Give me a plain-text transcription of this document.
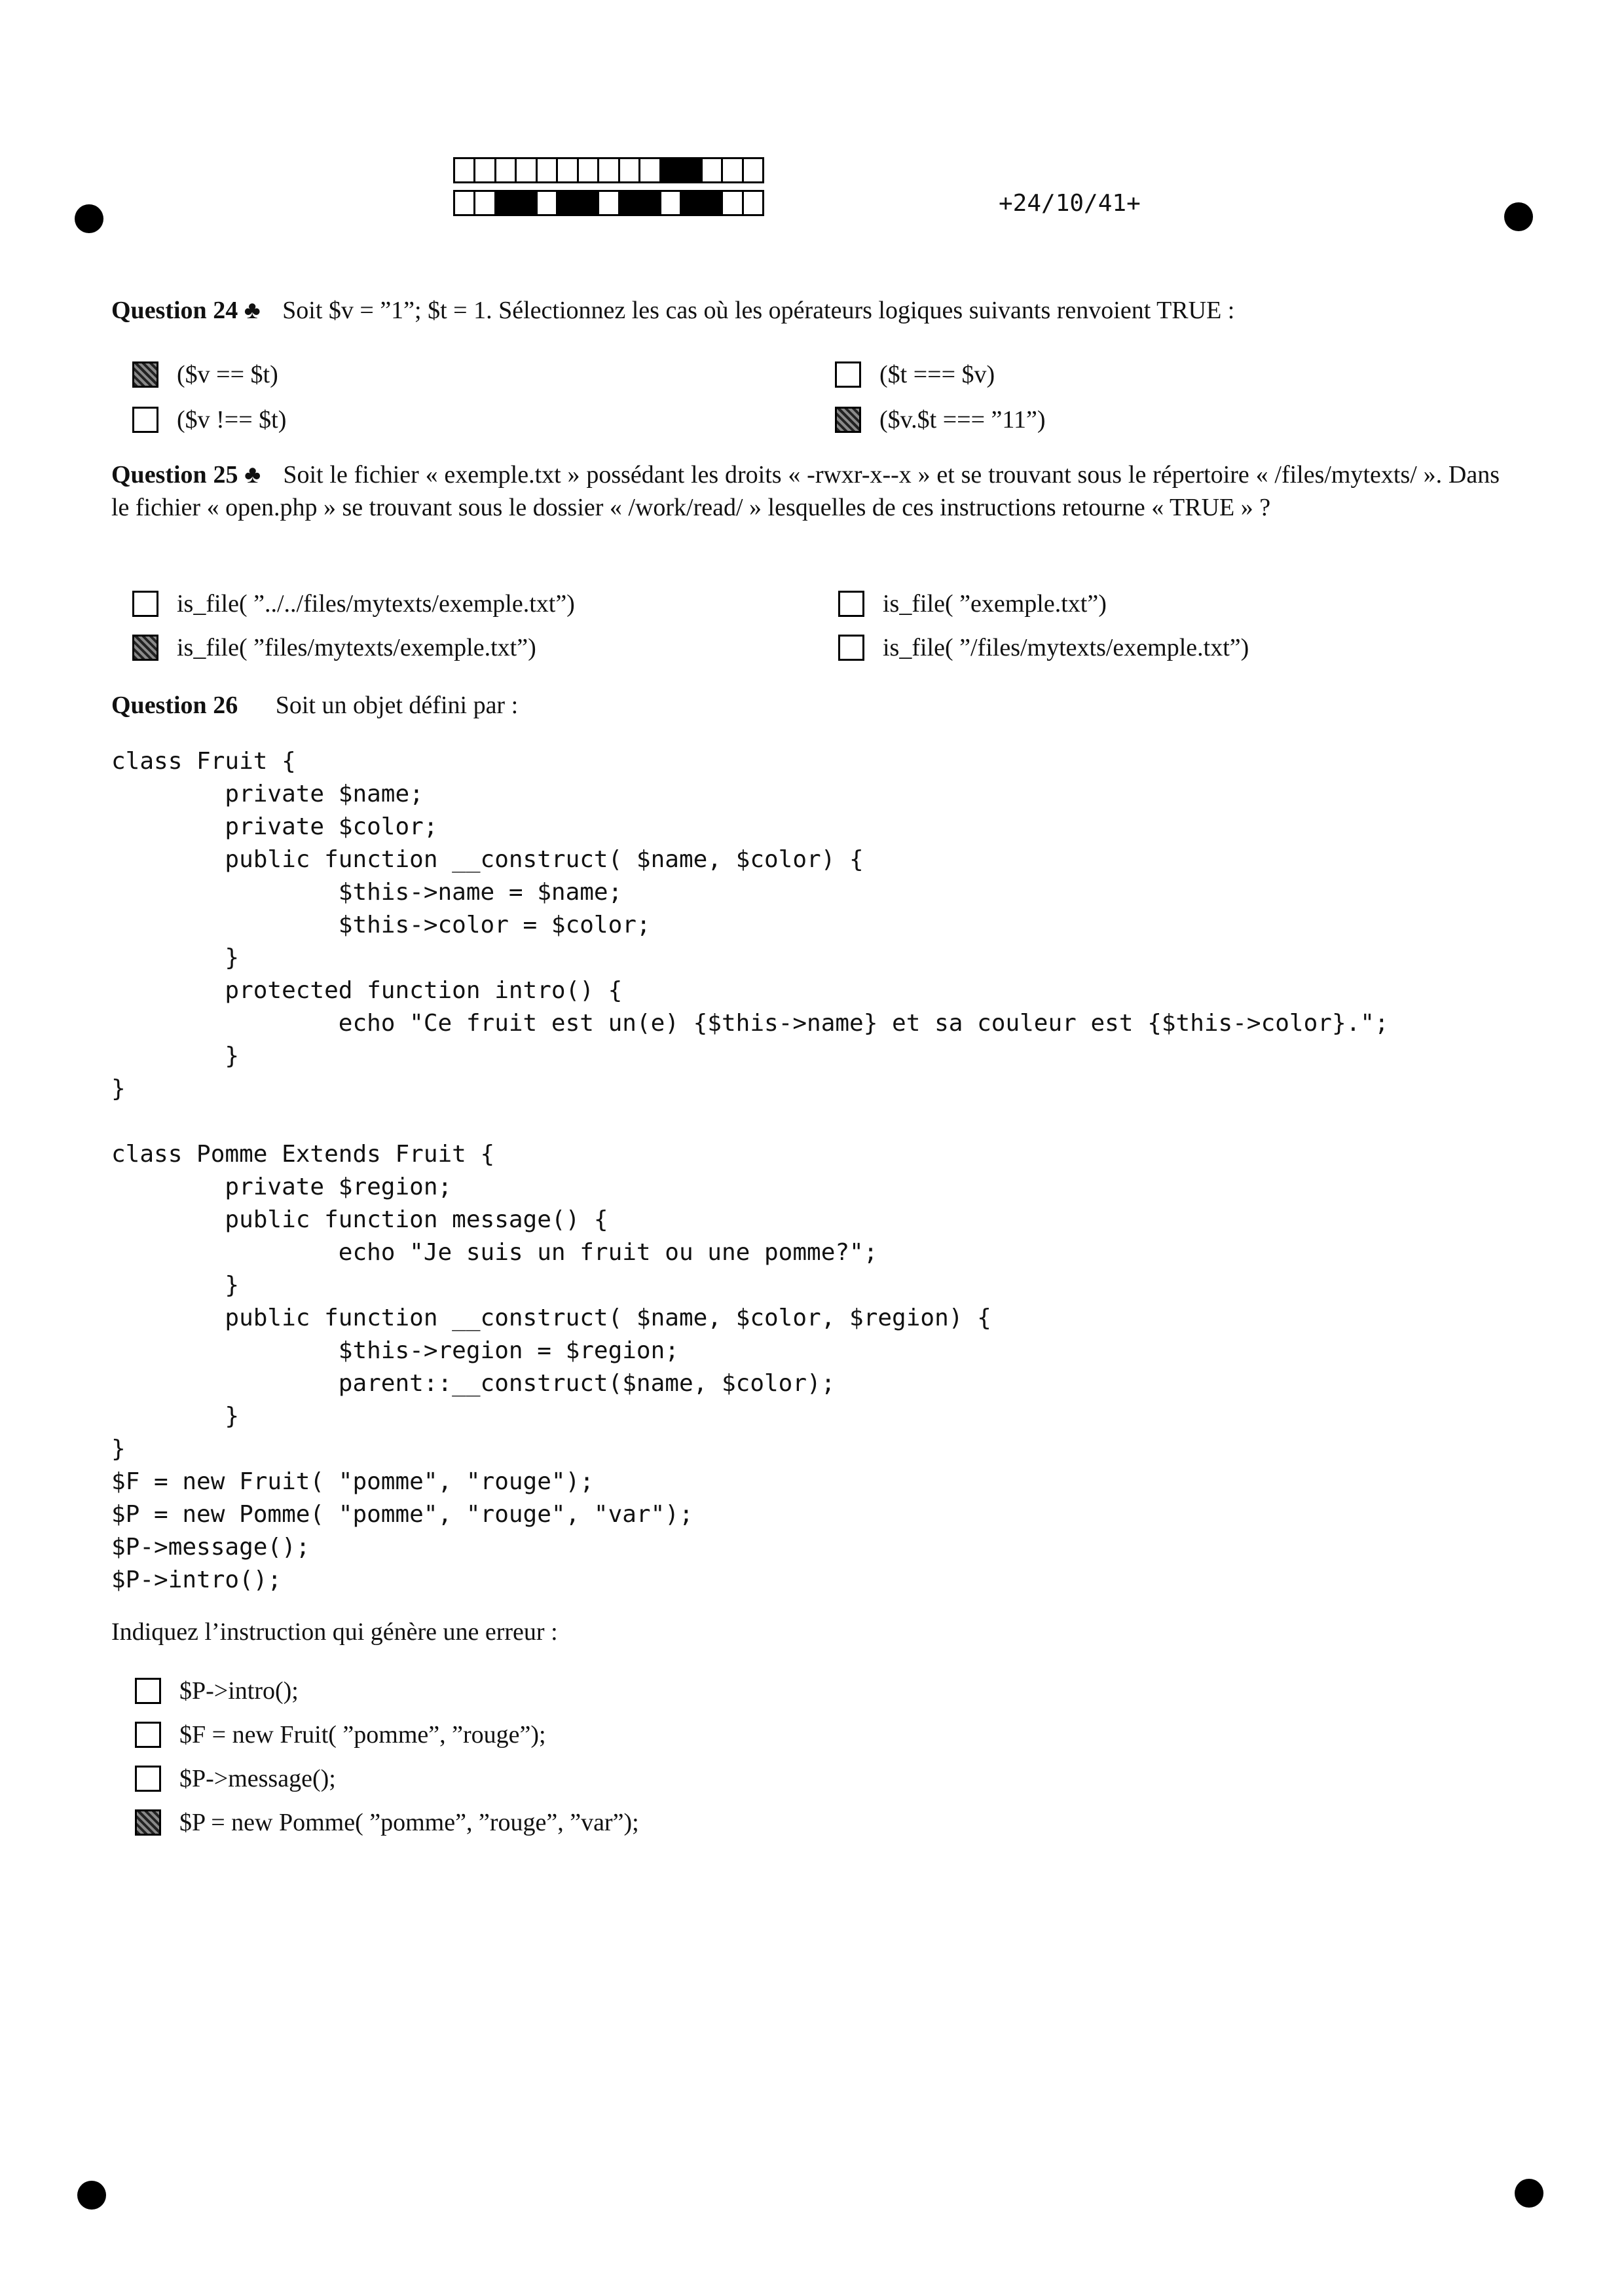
+24/10/41+
Question 24 ♣ Soit $v = ”1”; $t = 1. Sélectionnez les cas où les opérateurs logiques suivants renvoient TRUE :
($v == $t)	($t === $v)
($v !== $t)	($v.$t === ”11”)
Question 25 ♣ Soit le fichier « exemple.txt » possédant les droits « -rwxr-x--x » et se trouvant sous le répertoire « /files/mytexts/ ». Dans le fichier « open.php » se trouvant sous le dossier « /work/read/ » lesquelles de ces instructions retourne « TRUE » ?
is_file( ”../../files/mytexts/exemple.txt”)	is_file( ”exemple.txt”)
is_file( ”files/mytexts/exemple.txt”)	is_file( ”/files/mytexts/exemple.txt”)
Question 26 Soit un objet défini par :
class Fruit {
private $name;
private $color;
public function __construct( $name, $color) {
$this->name = $name;
$this->color = $color;
}
protected function intro() {
echo "Ce fruit est un(e) {$this->name} et sa couleur est {$this->color}.";
}
}

class Pomme Extends Fruit {
private $region;
public function message() {
echo "Je suis un fruit ou une pomme?";
}
public function __construct( $name, $color, $region) {
$this->region = $region;
parent::__construct($name, $color);
}
}
$F = new Fruit( "pomme", "rouge");
$P = new Pomme( "pomme", "rouge", "var");
$P->message();
$P->intro();
Indiquez l’instruction qui génère une erreur :
$P->intro();
$F = new Fruit( ”pomme”, ”rouge”);
$P->message();
$P = new Pomme( ”pomme”, ”rouge”, ”var”);
